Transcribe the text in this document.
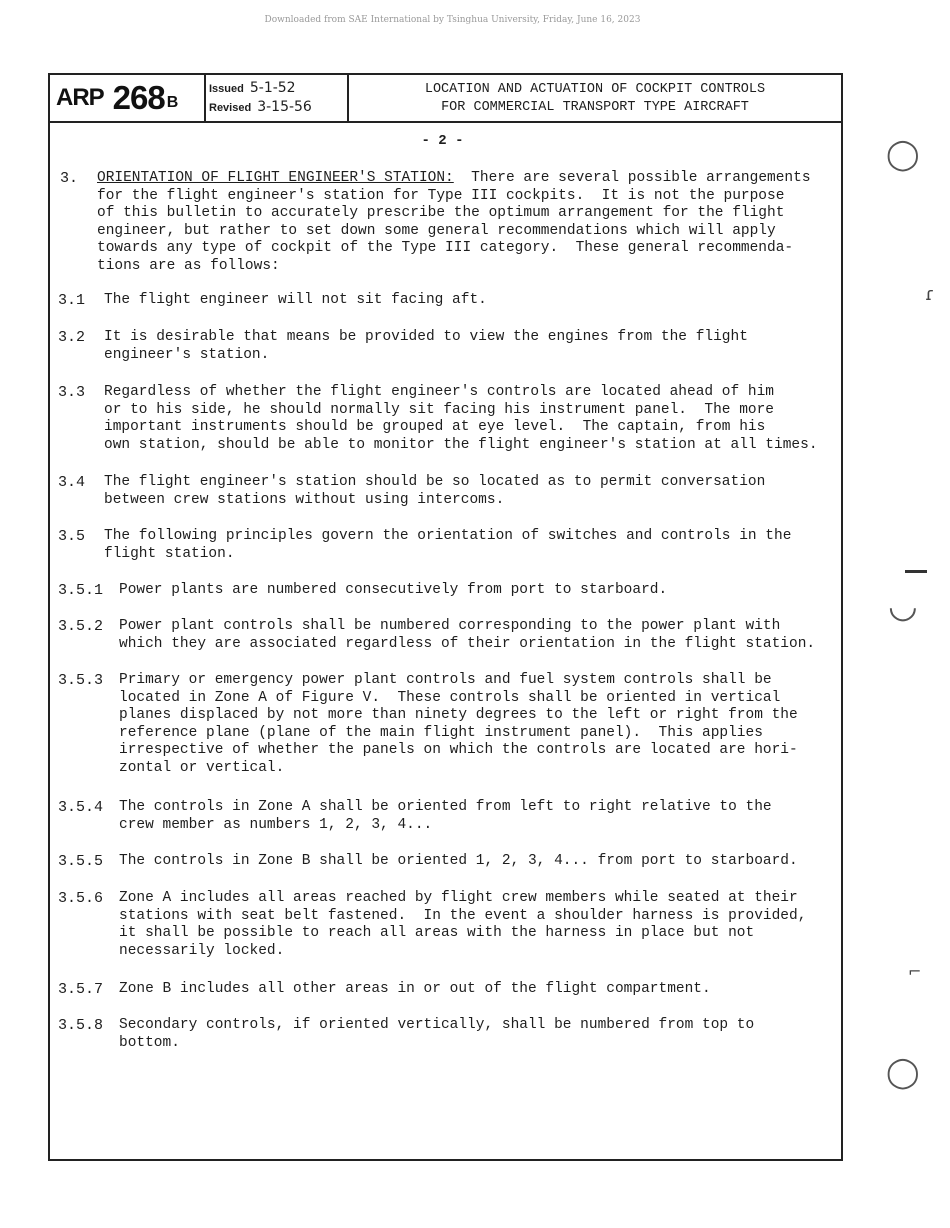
Downloaded from SAE International by Tsinghua University, Friday, June 16, 2023
ARP 268 B
Issued 5-1-52
Revised 3-15-56
LOCATION AND ACTUATION OF COCKPIT CONTROLS
FOR COMMERCIAL TRANSPORT TYPE AIRCRAFT
- 2 -
3. ORIENTATION OF FLIGHT ENGINEER'S STATION:  There are several possible arrangements
for the flight engineer's station for Type III cockpits.  It is not the purpose
of this bulletin to accurately prescribe the optimum arrangement for the flight
engineer, but rather to set down some general recommendations which will apply
towards any type of cockpit of the Type III category.  These general recommenda-
tions are as follows:
3.1 The flight engineer will not sit facing aft.
3.2 It is desirable that means be provided to view the engines from the flight
engineer's station.
3.3 Regardless of whether the flight engineer's controls are located ahead of him
or to his side, he should normally sit facing his instrument panel.  The more
important instruments should be grouped at eye level.  The captain, from his
own station, should be able to monitor the flight engineer's station at all times.
3.4 The flight engineer's station should be so located as to permit conversation
between crew stations without using intercoms.
3.5 The following principles govern the orientation of switches and controls in the
flight station.
3.5.1 Power plants are numbered consecutively from port to starboard.
3.5.2 Power plant controls shall be numbered corresponding to the power plant with
which they are associated regardless of their orientation in the flight station.
3.5.3 Primary or emergency power plant controls and fuel system controls shall be
located in Zone A of Figure V.  These controls shall be oriented in vertical
planes displaced by not more than ninety degrees to the left or right from the
reference plane (plane of the main flight instrument panel).  This applies
irrespective of whether the panels on which the controls are located are hori-
zontal or vertical.
3.5.4 The controls in Zone A shall be oriented from left to right relative to the
crew member as numbers 1, 2, 3, 4...
3.5.5 The controls in Zone B shall be oriented 1, 2, 3, 4... from port to starboard.
3.5.6 Zone A includes all areas reached by flight crew members while seated at their
stations with seat belt fastened.  In the event a shoulder harness is provided,
it shall be possible to reach all areas with the harness in place but not
necessarily locked.
3.5.7 Zone B includes all other areas in or out of the flight compartment.
3.5.8 Secondary controls, if oriented vertically, shall be numbered from top to
bottom.
◯
◡
◯
ɾ
⌐
